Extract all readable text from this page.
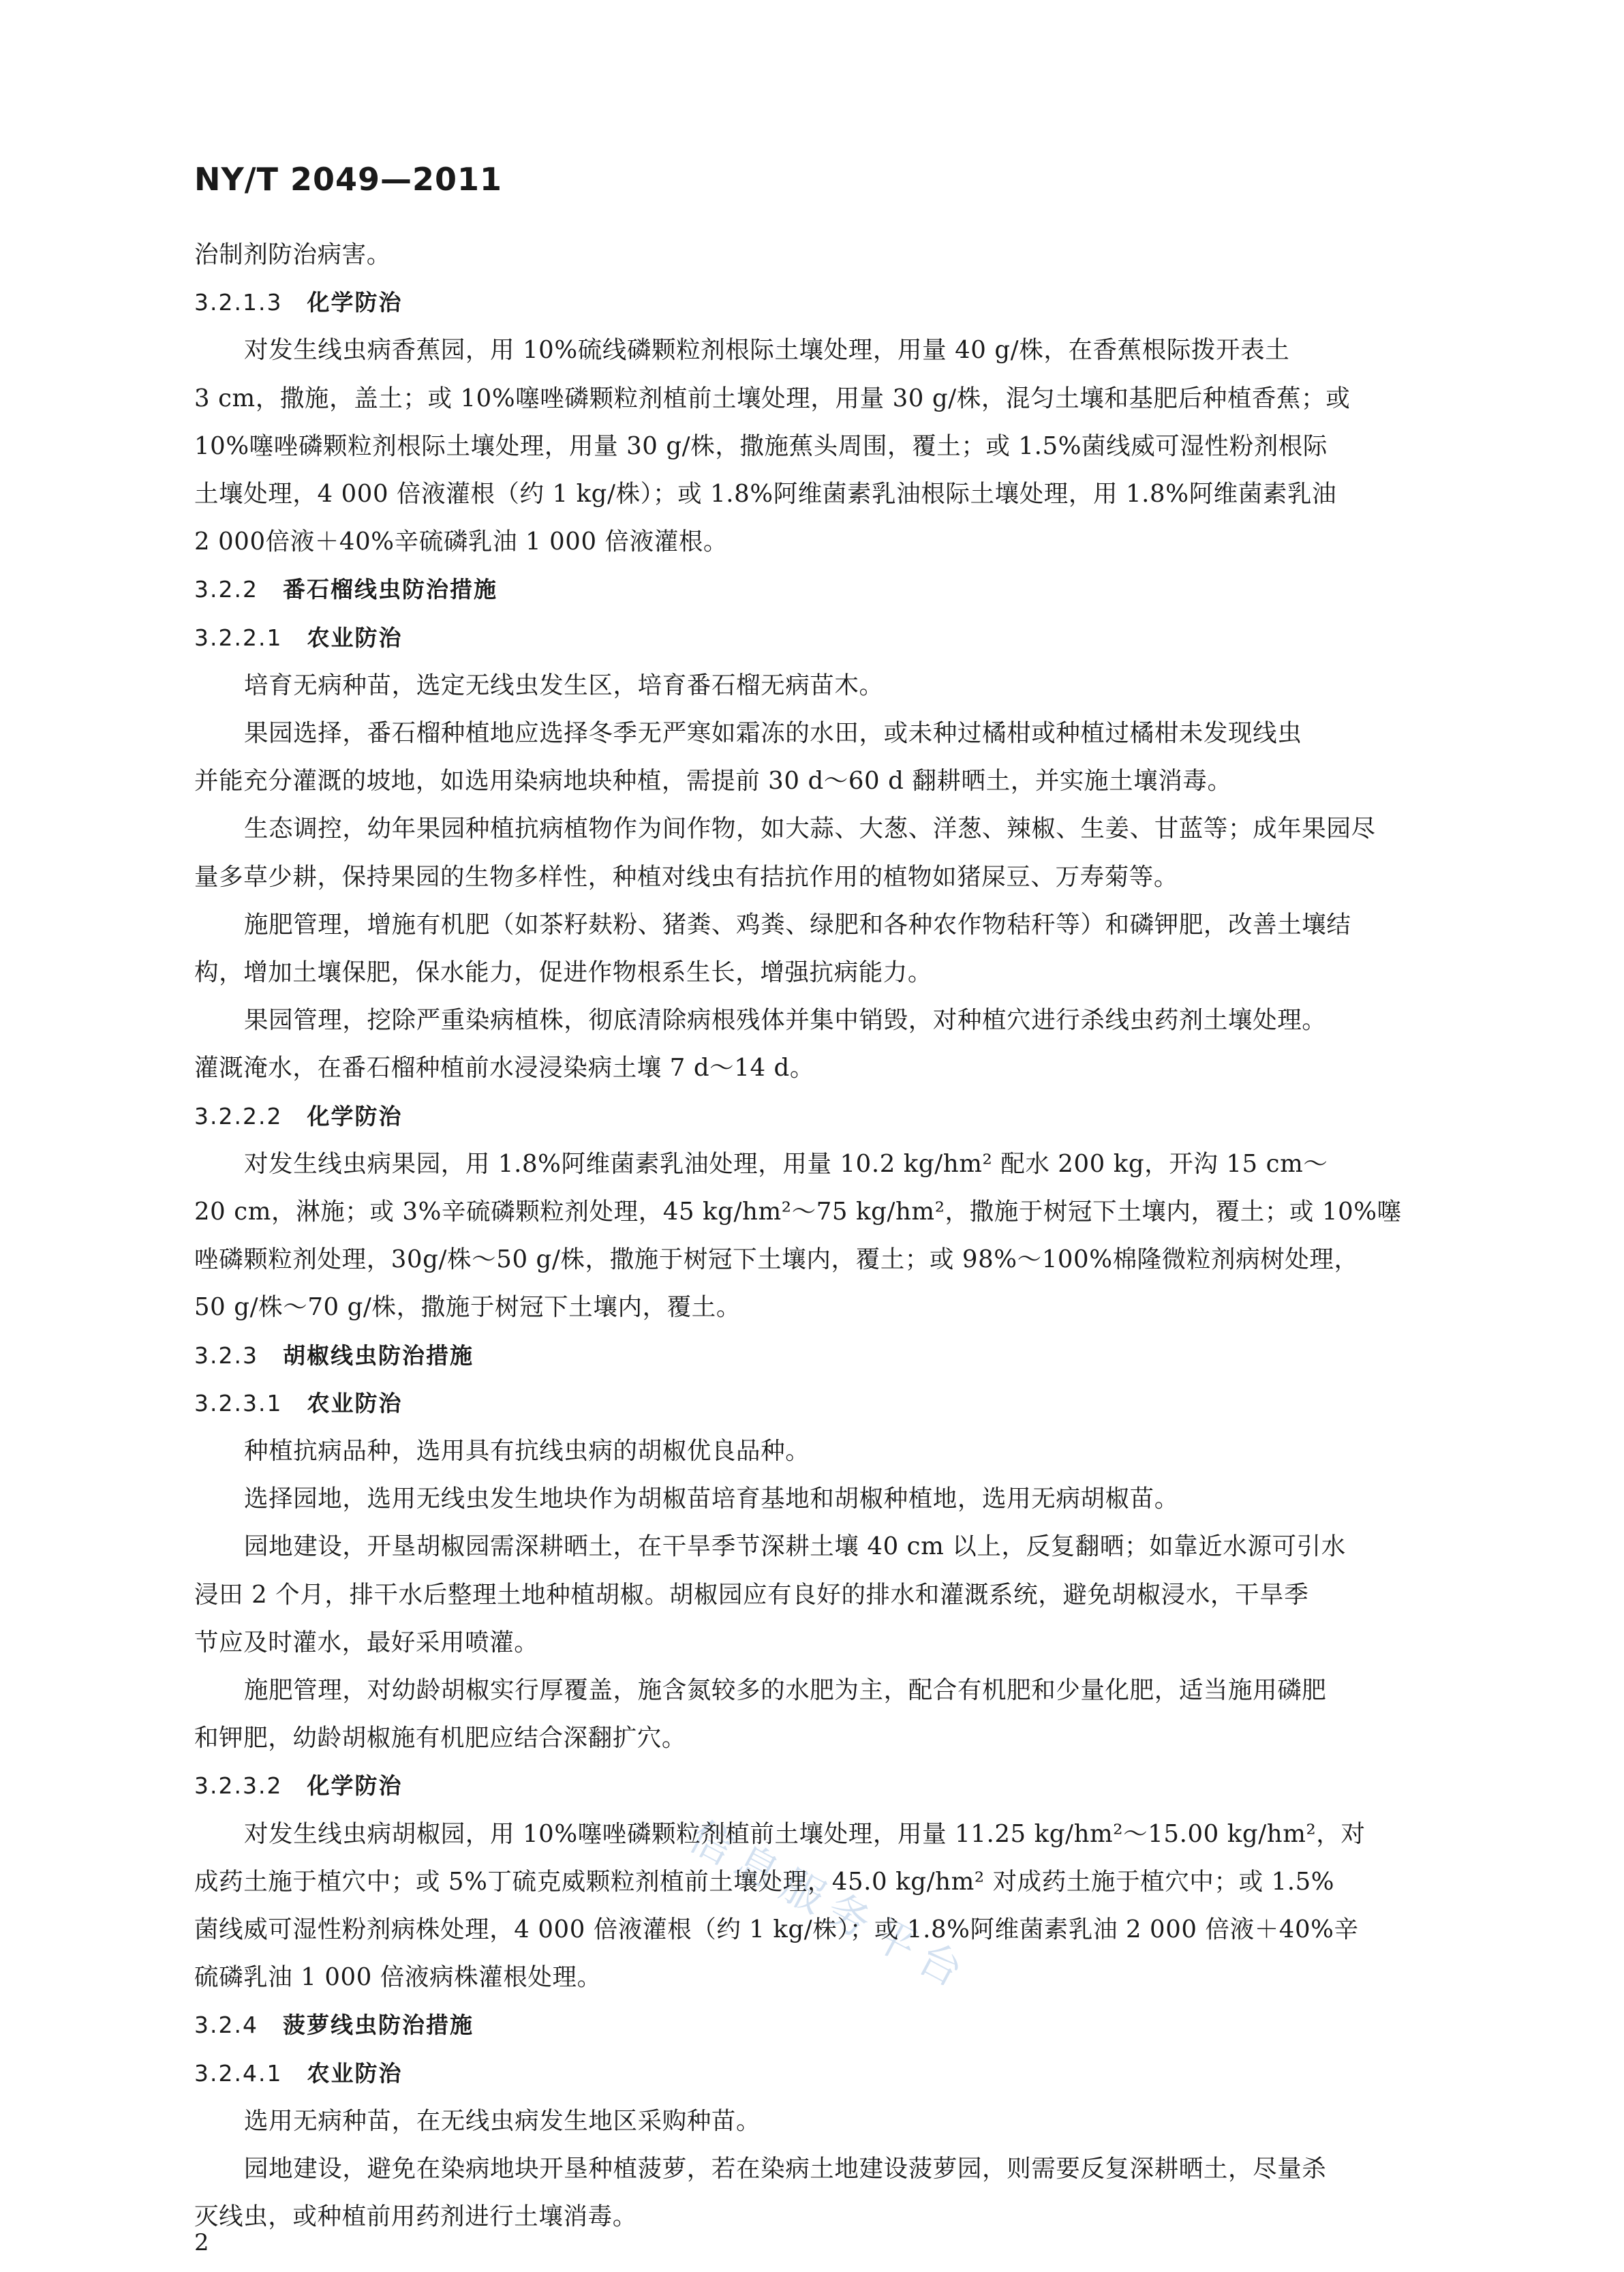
NY/T 2049—2011
信息服务平台
治制剂防治病害。
3.2.1.3 化学防治
对发生线虫病香蕉园，用 10%硫线磷颗粒剂根际土壤处理，用量 40 g/株，在香蕉根际拨开表土
3 cm，撒施，盖土；或 10%噻唑磷颗粒剂植前土壤处理，用量 30 g/株，混匀土壤和基肥后种植香蕉；或
10%噻唑磷颗粒剂根际土壤处理，用量 30 g/株，撒施蕉头周围，覆土；或 1.5%菌线威可湿性粉剂根际
土壤处理，4 000 倍液灌根（约 1 kg/株）；或 1.8%阿维菌素乳油根际土壤处理，用 1.8%阿维菌素乳油
2 000倍液＋40%辛硫磷乳油 1 000 倍液灌根。
3.2.2 番石榴线虫防治措施
3.2.2.1 农业防治
培育无病种苗，选定无线虫发生区，培育番石榴无病苗木。
果园选择，番石榴种植地应选择冬季无严寒如霜冻的水田，或未种过橘柑或种植过橘柑未发现线虫
并能充分灌溉的坡地，如选用染病地块种植，需提前 30 d～60 d 翻耕晒土，并实施土壤消毒。
生态调控，幼年果园种植抗病植物作为间作物，如大蒜、大葱、洋葱、辣椒、生姜、甘蓝等；成年果园尽
量多草少耕，保持果园的生物多样性，种植对线虫有拮抗作用的植物如猪屎豆、万寿菊等。
施肥管理，增施有机肥（如茶籽麸粉、猪粪、鸡粪、绿肥和各种农作物秸秆等）和磷钾肥，改善土壤结
构，增加土壤保肥，保水能力，促进作物根系生长，增强抗病能力。
果园管理，挖除严重染病植株，彻底清除病根残体并集中销毁，对种植穴进行杀线虫药剂土壤处理。
灌溉淹水，在番石榴种植前水浸浸染病土壤 7 d～14 d。
3.2.2.2 化学防治
对发生线虫病果园，用 1.8%阿维菌素乳油处理，用量 10.2 kg/hm² 配水 200 kg，开沟 15 cm～
20 cm，淋施；或 3%辛硫磷颗粒剂处理，45 kg/hm²～75 kg/hm²，撒施于树冠下土壤内，覆土；或 10%噻
唑磷颗粒剂处理，30g/株～50 g/株，撒施于树冠下土壤内，覆土；或 98%～100%棉隆微粒剂病树处理，
50 g/株～70 g/株，撒施于树冠下土壤内，覆土。
3.2.3 胡椒线虫防治措施
3.2.3.1 农业防治
种植抗病品种，选用具有抗线虫病的胡椒优良品种。
选择园地，选用无线虫发生地块作为胡椒苗培育基地和胡椒种植地，选用无病胡椒苗。
园地建设，开垦胡椒园需深耕晒土，在干旱季节深耕土壤 40 cm 以上，反复翻晒；如靠近水源可引水
浸田 2 个月，排干水后整理土地种植胡椒。胡椒园应有良好的排水和灌溉系统，避免胡椒浸水，干旱季
节应及时灌水，最好采用喷灌。
施肥管理，对幼龄胡椒实行厚覆盖，施含氮较多的水肥为主，配合有机肥和少量化肥，适当施用磷肥
和钾肥，幼龄胡椒施有机肥应结合深翻扩穴。
3.2.3.2 化学防治
对发生线虫病胡椒园，用 10%噻唑磷颗粒剂植前土壤处理，用量 11.25 kg/hm²～15.00 kg/hm²，对
成药土施于植穴中；或 5%丁硫克威颗粒剂植前土壤处理，45.0 kg/hm² 对成药土施于植穴中；或 1.5%
菌线威可湿性粉剂病株处理，4 000 倍液灌根（约 1 kg/株）；或 1.8%阿维菌素乳油 2 000 倍液＋40%辛
硫磷乳油 1 000 倍液病株灌根处理。
3.2.4 菠萝线虫防治措施
3.2.4.1 农业防治
选用无病种苗，在无线虫病发生地区采购种苗。
园地建设，避免在染病地块开垦种植菠萝，若在染病土地建设菠萝园，则需要反复深耕晒土，尽量杀
灭线虫，或种植前用药剂进行土壤消毒。
2
